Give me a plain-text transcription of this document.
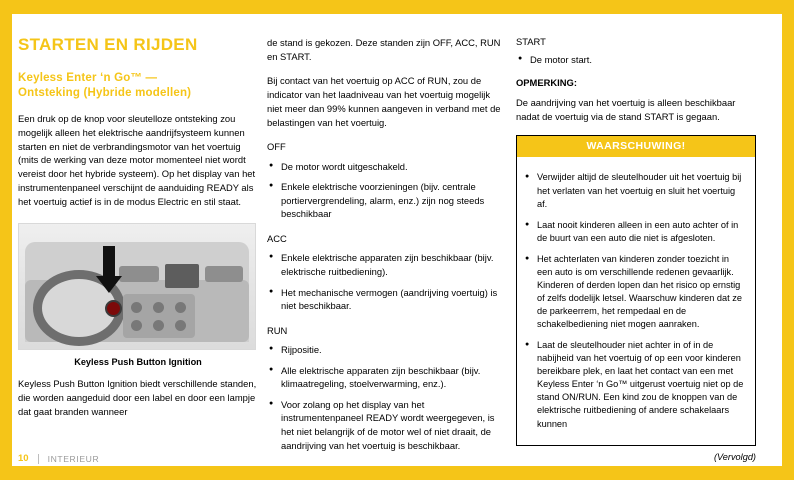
STARTEN EN RIJDEN
Keyless Enter ‘n Go™ —
Ontsteking (Hybride modellen)

Een druk op de knop voor sleutelloze ontsteking zou mogelijk alleen het elektrische aandrijfsysteem kunnen starten en niet de verbrandingsmotor van het voertuig (mits de werking van deze motor momenteel niet wordt vereist door het hybride systeem). Op het display van het instrumentenpaneel verschijnt de aanduiding READY als het voertuig actief is in de modus Electric en stil staat.

Keyless Push Button Ignition

Keyless Push Button Ignition biedt verschillende standen, die worden aangeduid door een label en door een lampje dat gaat branden wanneer

de stand is gekozen. Deze standen zijn OFF, ACC, RUN en START.

Bij contact van het voertuig op ACC of RUN, zou de indicator van het laadniveau van het voertuig mogelijk niet meer dan 99% kunnen aangeven in verband met de belastingen van het voertuig.

OFF

● De motor wordt uitgeschakeld.
● Enkele elektrische voorzieningen (bijv. centrale portiervergrendeling, alarm, enz.) zijn nog steeds beschikbaar

ACC

● Enkele elektrische apparaten zijn beschikbaar (bijv. elektrische ruitbediening).
● Het mechanische vermogen (aandrijving voertuig) is niet beschikbaar.

RUN

● Rijpositie.
● Alle elektrische apparaten zijn beschikbaar (bijv. klimaatregeling, stoelverwarming, enz.).
● Voor zolang op het display van het instrumentenpaneel READY wordt weergegeven, is het niet belangrijk of de motor wel of niet draait, de aandrijving van het voertuig is beschikbaar.

START

● De motor start.

OPMERKING:

De aandrijving van het voertuig is alleen beschikbaar nadat de voertuig via de stand START is gegaan.

WAARSCHUWING!
● Verwijder altijd de sleutelhouder uit het voertuig bij het verlaten van het voertuig en sluit het voertuig af.
● Laat nooit kinderen alleen in een auto achter of in de buurt van een auto die niet is afgesloten.
● Het achterlaten van kinderen zonder toezicht in een auto is om verschillende redenen gevaarlijk. Kinderen of derden lopen dan het risico op ernstig of zelfs dodelijk letsel. Waarschuw kinderen dat ze de parkeerrem, het rempedaal en de schakelbediening niet mogen aanraken.
● Laat de sleutelhouder niet achter in of in de nabijheid van het voertuig of op een voor kinderen bereikbare plek, en laat het contact van een met Keyless Enter ‘n Go™ uitgerust voertuig niet op de stand ON/RUN. Een kind zou de knoppen van de elektrische ruitbediening of andere schakelaars kunnen
(Vervolgd)
10 INTERIEUR
